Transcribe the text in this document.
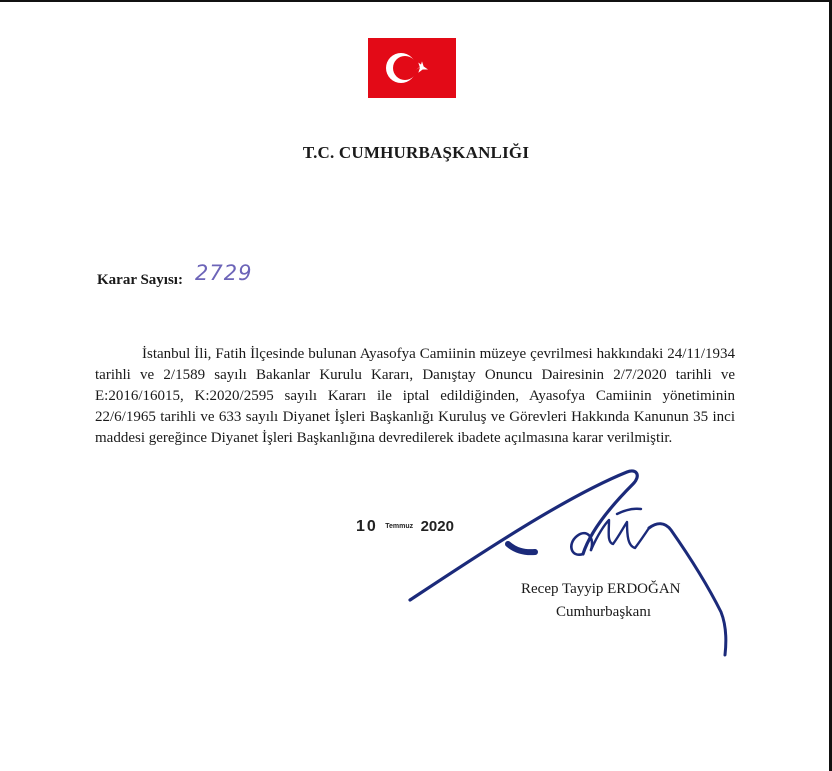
T.C. CUMHURBAŞKANLIĞI
Karar Sayısı: 2729
İstanbul İli, Fatih İlçesinde bulunan Ayasofya Camiinin müzeye çevrilmesi hakkındaki 24/11/1934 tarihli ve 2/1589 sayılı Bakanlar Kurulu Kararı, Danıştay Onuncu Dairesinin 2/7/2020 tarihli ve E:2016/16015, K:2020/2595 sayılı Kararı ile iptal edildiğinden, Ayasofya Camiinin yönetiminin 22/6/1965 tarihli ve 633 sayılı Diyanet İşleri Başkanlığı Kuruluş ve Görevleri Hakkında Kanunun 35 inci maddesi gereğince Diyanet İşleri Başkanlığına devredilerek ibadete açılmasına karar verilmiştir.
10 Temmuz 2020
Recep Tayyip ERDOĞAN
Cumhurbaşkanı
